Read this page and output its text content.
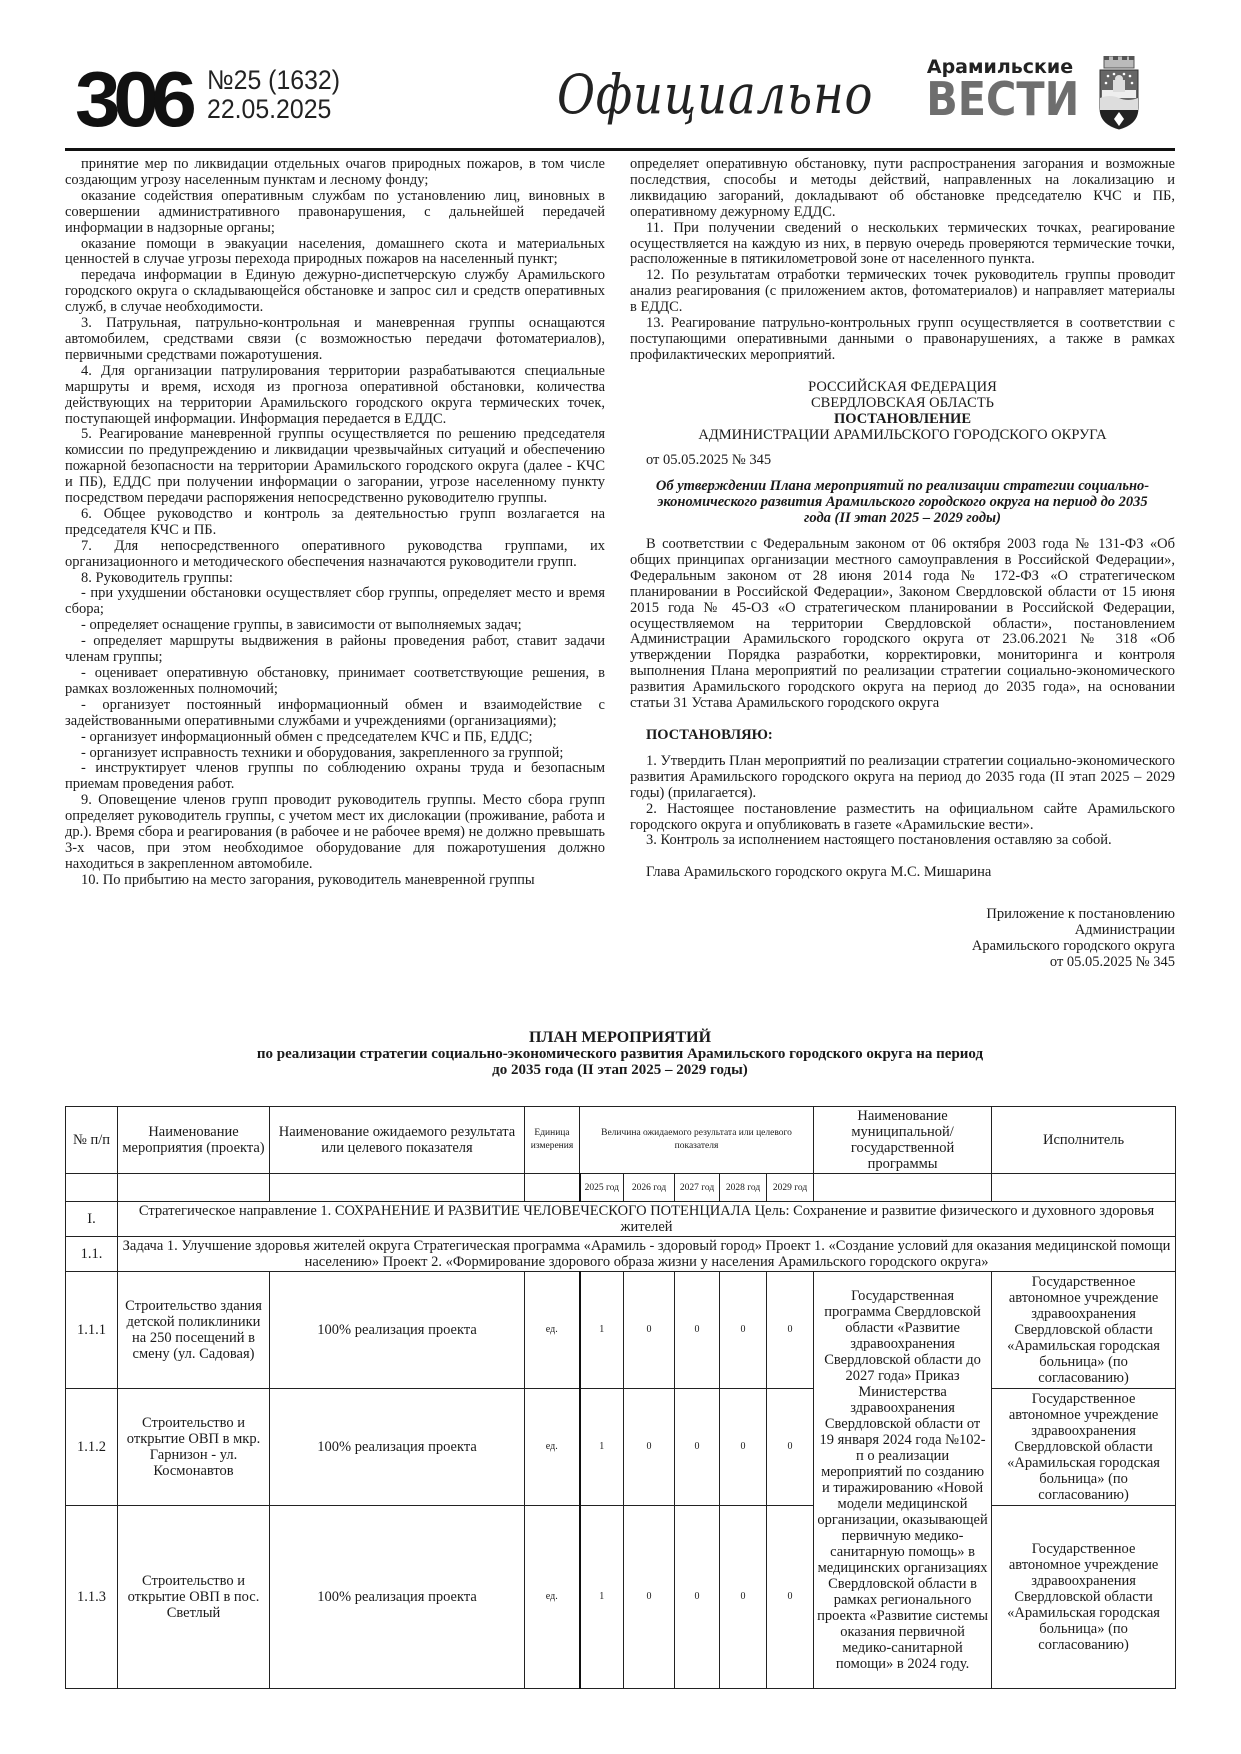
306 №25 (1632)
22.05.2025	Официально	Арамильские
ВЕСТИ

принятие мер по ликвидации отдельных очагов природных пожаров, в том числе создающим угрозу населенным пунктам и лесному фонду;

оказание содействия оперативным службам по установлению лиц, виновных в совершении административного правонарушения, с дальнейшей передачей информации в надзорные органы;

оказание помощи в эвакуации населения, домашнего скота и материальных ценностей в случае угрозы перехода природных пожаров на населенный пункт;

передача информации в Единую дежурно-диспетчерскую службу Арамильского городского округа о складывающейся обстановке и запрос сил и средств оперативных служб, в случае необходимости.

3. Патрульная, патрульно-контрольная и маневренная группы оснащаются автомобилем, средствами связи (с возможностью передачи фотоматериалов), первичными средствами пожаротушения.

4. Для организации патрулирования территории разрабатываются специальные маршруты и время, исходя из прогноза оперативной обстановки, количества действующих на территории Арамильского городского округа термических точек, поступающей информации. Информация передается в ЕДДС.

5. Реагирование маневренной группы осуществляется по решению председателя комиссии по предупреждению и ликвидации чрезвычайных ситуаций и обеспечению пожарной безопасности на территории Арамильского городского округа (далее - КЧС и ПБ), ЕДДС при получении информации о загорании, угрозе населенному пункту посредством передачи распоряжения непосредственно руководителю группы.

6. Общее руководство и контроль за деятельностью групп возлагается на председателя КЧС и ПБ.

7. Для непосредственного оперативного руководства группами, их организационного и методического обеспечения назначаются руководители групп.

8. Руководитель группы:

- при ухудшении обстановки осуществляет сбор группы, определяет место и время сбора;

- определяет оснащение группы, в зависимости от выполняемых задач;

- определяет маршруты выдвижения в районы проведения работ, ставит задачи членам группы;

- оценивает оперативную обстановку, принимает соответствующие решения, в рамках возложенных полномочий;

- организует постоянный информационный обмен и взаимодействие с задействованными оперативными службами и учреждениями (организациями);

- организует информационный обмен с председателем КЧС и ПБ, ЕДДС;

- организует исправность техники и оборудования, закрепленного за группой;

- инструктирует членов группы по соблюдению охраны труда и безопасным приемам проведения работ.

9. Оповещение членов групп проводит руководитель группы. Место сбора групп определяет руководитель группы, с учетом мест их дислокации (проживание, работа и др.). Время сбора и реагирования (в рабочее и не рабочее время) не должно превышать 3-х часов, при этом необходимое оборудование для пожаротушения должно находиться в закрепленном автомобиле.

10. По прибытию на место загорания, руководитель маневренной группы

определяет оперативную обстановку, пути распространения загорания и возможные последствия, способы и методы действий, направленных на локализацию и ликвидацию загораний, докладывают об обстановке председателю КЧС и ПБ, оперативному дежурному ЕДДС.

11. При получении сведений о нескольких термических точках, реагирование осуществляется на каждую из них, в первую очередь проверяются термические точки, расположенные в пятикилометровой зоне от населенного пункта.

12. По результатам отработки термических точек руководитель группы проводит анализ реагирования (с приложением актов, фотоматериалов) и направляет материалы в ЕДДС.

13. Реагирование патрульно-контрольных групп осуществляется в соответствии с поступающими оперативными данными о правонарушениях, а также в рамках профилактических мероприятий.

РОССИЙСКАЯ ФЕДЕРАЦИЯ

СВЕРДЛОВСКАЯ ОБЛАСТЬ

ПОСТАНОВЛЕНИЕ

АДМИНИСТРАЦИИ АРАМИЛЬСКОГО ГОРОДСКОГО ОКРУГА

от 05.05.2025 № 345

Об утверждении Плана мероприятий по реализации стратегии социально-экономического развития Арамильского городского округа на период до 2035 года (II этап 2025 – 2029 годы)

В соответствии с Федеральным законом от 06 октября 2003 года № 131-ФЗ «Об общих принципах организации местного самоуправления в Российской Федерации», Федеральным законом от 28 июня 2014 года № 172-ФЗ «О стратегическом планировании в Российской Федерации», Законом Свердловской области от 15 июня 2015 года № 45-ОЗ «О стратегическом планировании в Российской Федерации, осуществляемом на территории Свердловской области», постановлением Администрации Арамильского городского округа от 23.06.2021 № 318 «Об утверждении Порядка разработки, корректировки, мониторинга и контроля выполнения Плана мероприятий по реализации стратегии социально-экономического развития Арамильского городского округа на период до 2035 года», на основании статьи 31 Устава Арамильского городского округа

ПОСТАНОВЛЯЮ:

1. Утвердить План мероприятий по реализации стратегии социально-экономического развития Арамильского городского округа на период до 2035 года (II этап 2025 – 2029 годы) (прилагается).

2. Настоящее постановление разместить на официальном сайте Арамильского городского округа и опубликовать в газете «Арамильские вести».

3. Контроль за исполнением настоящего постановления оставляю за собой.

Глава Арамильского городского округа М.С. Мишарина

Приложение к постановлению

Администрации

Арамильского городского округа

от 05.05.2025 № 345

ПЛАН МЕРОПРИЯТИЙ
по реализации стратегии социально-экономического развития Арамильского городского округа на период
до 2035 года (II этап 2025 – 2029 годы)
№ п/п	Наименование мероприятия (проекта)	Наименование ожидаемого результата или целевого показателя	Единица измерения	Величина ожидаемого результата или целевого показателя					Наименование муниципальной/государственной программы	Исполнитель
				2025 год	2026 год	2027 год	2028 год	2029 год		
I.	Стратегическое направление 1. СОХРАНЕНИЕ И РАЗВИТИЕ ЧЕЛОВЕЧЕСКОГО ПОТЕНЦИАЛА Цель: Сохранение и развитие физического и духовного здоровья жителей									
1.1.	Задача 1. Улучшение здоровья жителей округа Стратегическая программа «Арамиль - здоровый город» Проект 1. «Создание условий для оказания медицинской помощи населению» Проект 2. «Формирование здорового образа жизни у населения Арамильского городского округа»									
1.1.1	Строительство здания детской поликлиники на 250 посещений в смену (ул. Садовая)	100% реализация проекта	ед.	1	0	0	0	0	Государственная программа Свердловской области «Развитие здравоохранения Свердловской области до 2027 года» Приказ Министерства здравоохранения Свердловской области от 19 января 2024 года №102-п о реализации мероприятий по созданию и тиражированию «Новой модели медицинской организации, оказывающей первичную медико-санитарную помощь» в медицинских организациях Свердловской области в рамках регионального проекта «Развитие системы оказания первичной медико-санитарной помощи» в 2024 году.	Государственное автономное учреждение здравоохранения Свердловской области «Арамильская городская больница» (по согласованию)
1.1.2	Строительство и открытие ОВП в мкр. Гарнизон - ул. Космонавтов	100% реализация проекта	ед.	1	0	0	0	0		Государственное автономное учреждение здравоохранения Свердловской области «Арамильская городская больница» (по согласованию)
1.1.3	Строительство и открытие ОВП в пос. Светлый	100% реализация проекта	ед.	1	0	0	0	0		Государственное автономное учреждение здравоохранения Свердловской области «Арамильская городская больница» (по согласованию)
